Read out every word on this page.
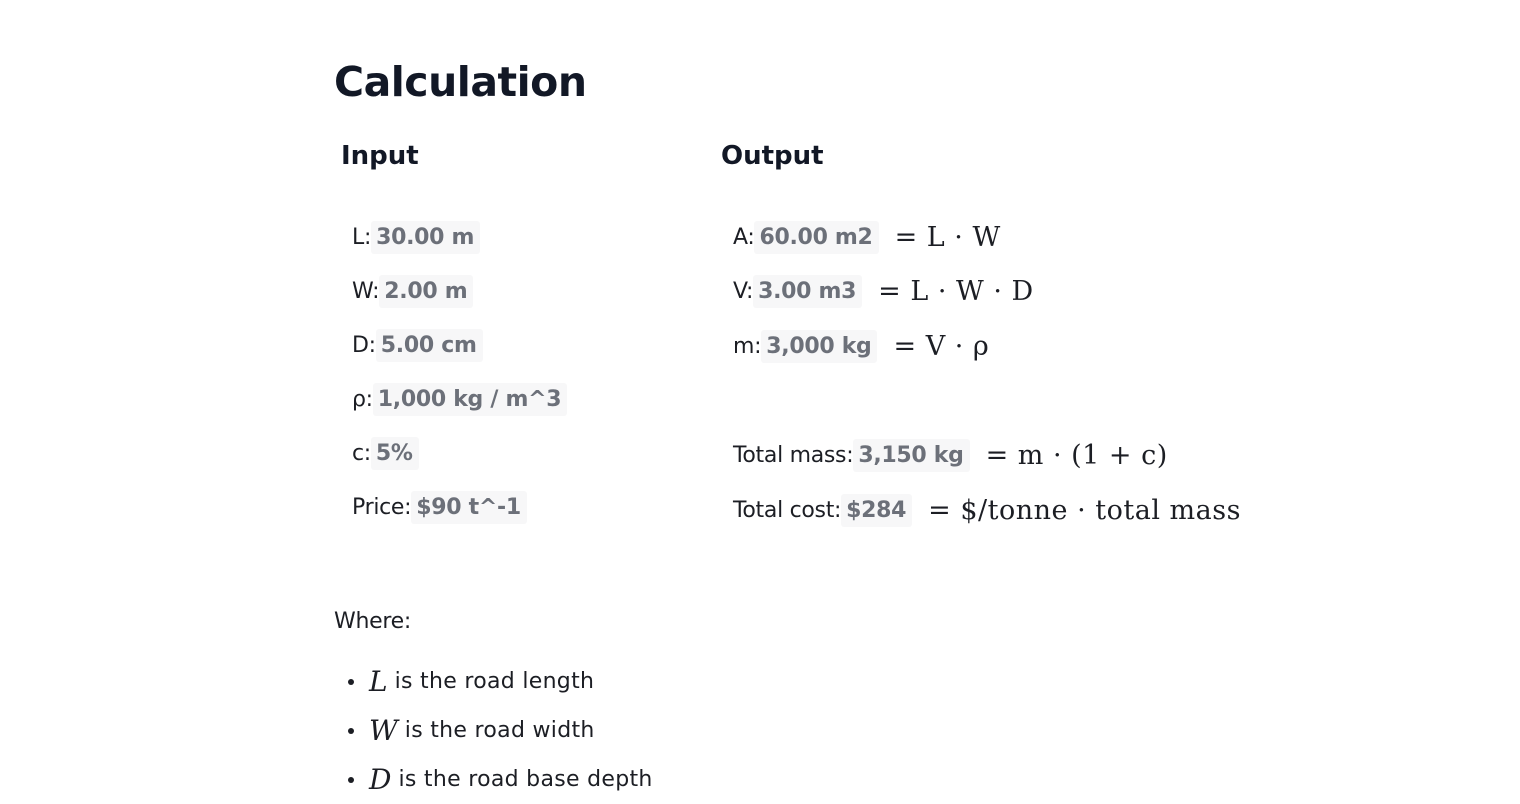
Calculation
Input	Output
L: 30.00 m
W: 2.00 m
D: 5.00 cm
ρ: 1,000 kg / m^3
c: 5%
Price: $90 t^-1
A: 60.00 m2 = L · W
V: 3.00 m3 = L · W · D
m: 3,000 kg = V · ρ
Total mass: 3,150 kg = m · (1 + c)
Total cost: $284 = $/tonne · total mass
Where:
L is the road length
W is the road width
D is the road base depth
